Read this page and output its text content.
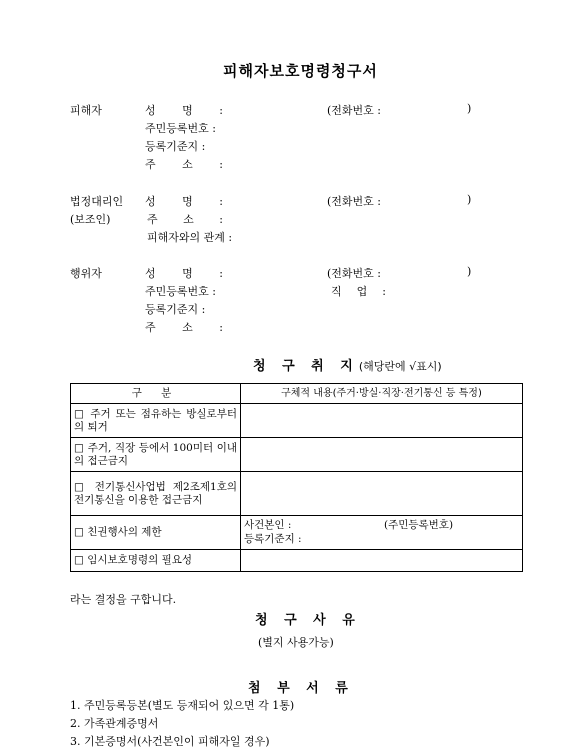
피해자보호명령청구서
피해자	성 명 :	(전화번호 :	)
주민등록번호 :
등록기준지 :
주 소 :
법정대리인
(보조인)
성 명 :	(전화번호 :	)
주 소 :
피해자와의 관계 :
행위자	성 명 :	(전화번호 :	)
주민등록번호 :	직 업 :
등록기준지 :
주 소 :
청 구 취 지(해당란에 √표시)
구 분	구체적 내용(주거·방실·직장·전기통신 등 특정)
□ 주거 또는 점유하는 방실로부터의 퇴거	
□ 주거, 직장 등에서 100미터 이내의 접근금지	
□ 전기통신사업법 제2조제1호의 전기통신을 이용한 접근금지	
□ 친권행사의 제한	사건본인 : (주민등록번호)
등록기준지 :

□ 임시보호명령의 필요성	
라는 결정을 구합니다.
청 구 사 유
(별지 사용가능)
첨 부 서 류
1. 주민등록등본(별도 등재되어 있으면 각 1통)
2. 가족관계증명서
3. 기본증명서(사건본인이 피해자일 경우)
